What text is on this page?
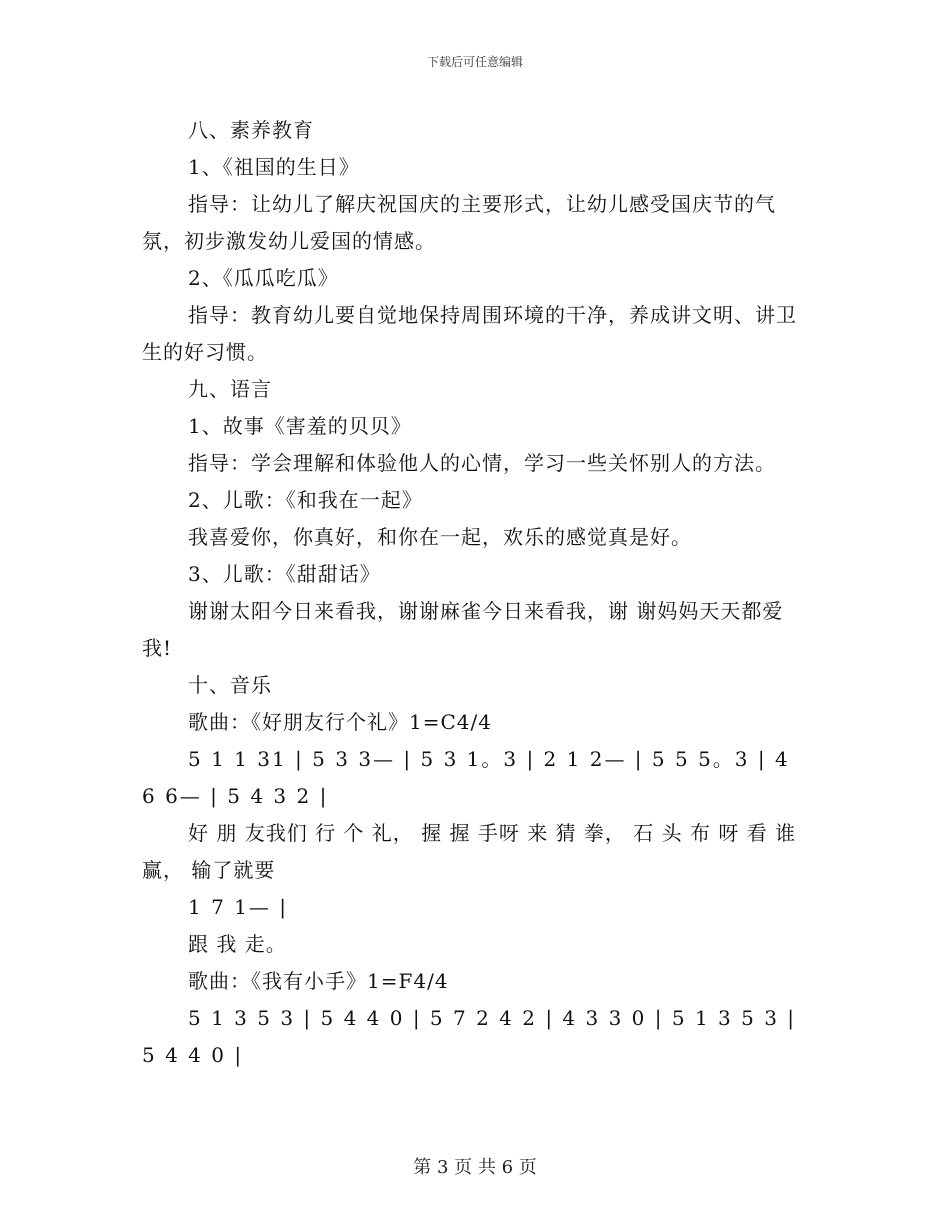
下载后可任意编辑

八、素养教育

1、《祖国的生日》

指导：让幼儿了解庆祝国庆的主要形式，让幼儿感受国庆节的气氛，初步激发幼儿爱国的情感。

2、《瓜瓜吃瓜》

指导：教育幼儿要自觉地保持周围环境的干净，养成讲文明、讲卫生的好习惯。

九、语言

1、故事《害羞的贝贝》

指导：学会理解和体验他人的心情，学习一些关怀别人的方法。

2、儿歌：《和我在一起》

我喜爱你，你真好，和你在一起，欢乐的感觉真是好。

3、儿歌：《甜甜话》

谢谢太阳今日来看我，谢谢麻雀今日来看我，谢 谢妈妈天天都爱我!

十、音乐

歌曲：《好朋友行个礼》1=C4/4

5 1 1 31 | 5 3 3— | 5 3 1。3 | 2 1 2— | 5 5 5。3 | 4 6 6— | 5 4 3 2 |

好 朋 友我们 行 个 礼， 握 握 手呀 来 猜 拳， 石 头 布 呀 看 谁 赢， 输了就要

1 7 1— |

跟 我 走。

歌曲：《我有小手》1=F4/4

5 1 3 5 3 | 5 4 4 0 | 5 7 2 4 2 | 4 3 3 0 | 5 1 3 5 3 | 5 4 4 0 |

第 3 页 共 6 页
